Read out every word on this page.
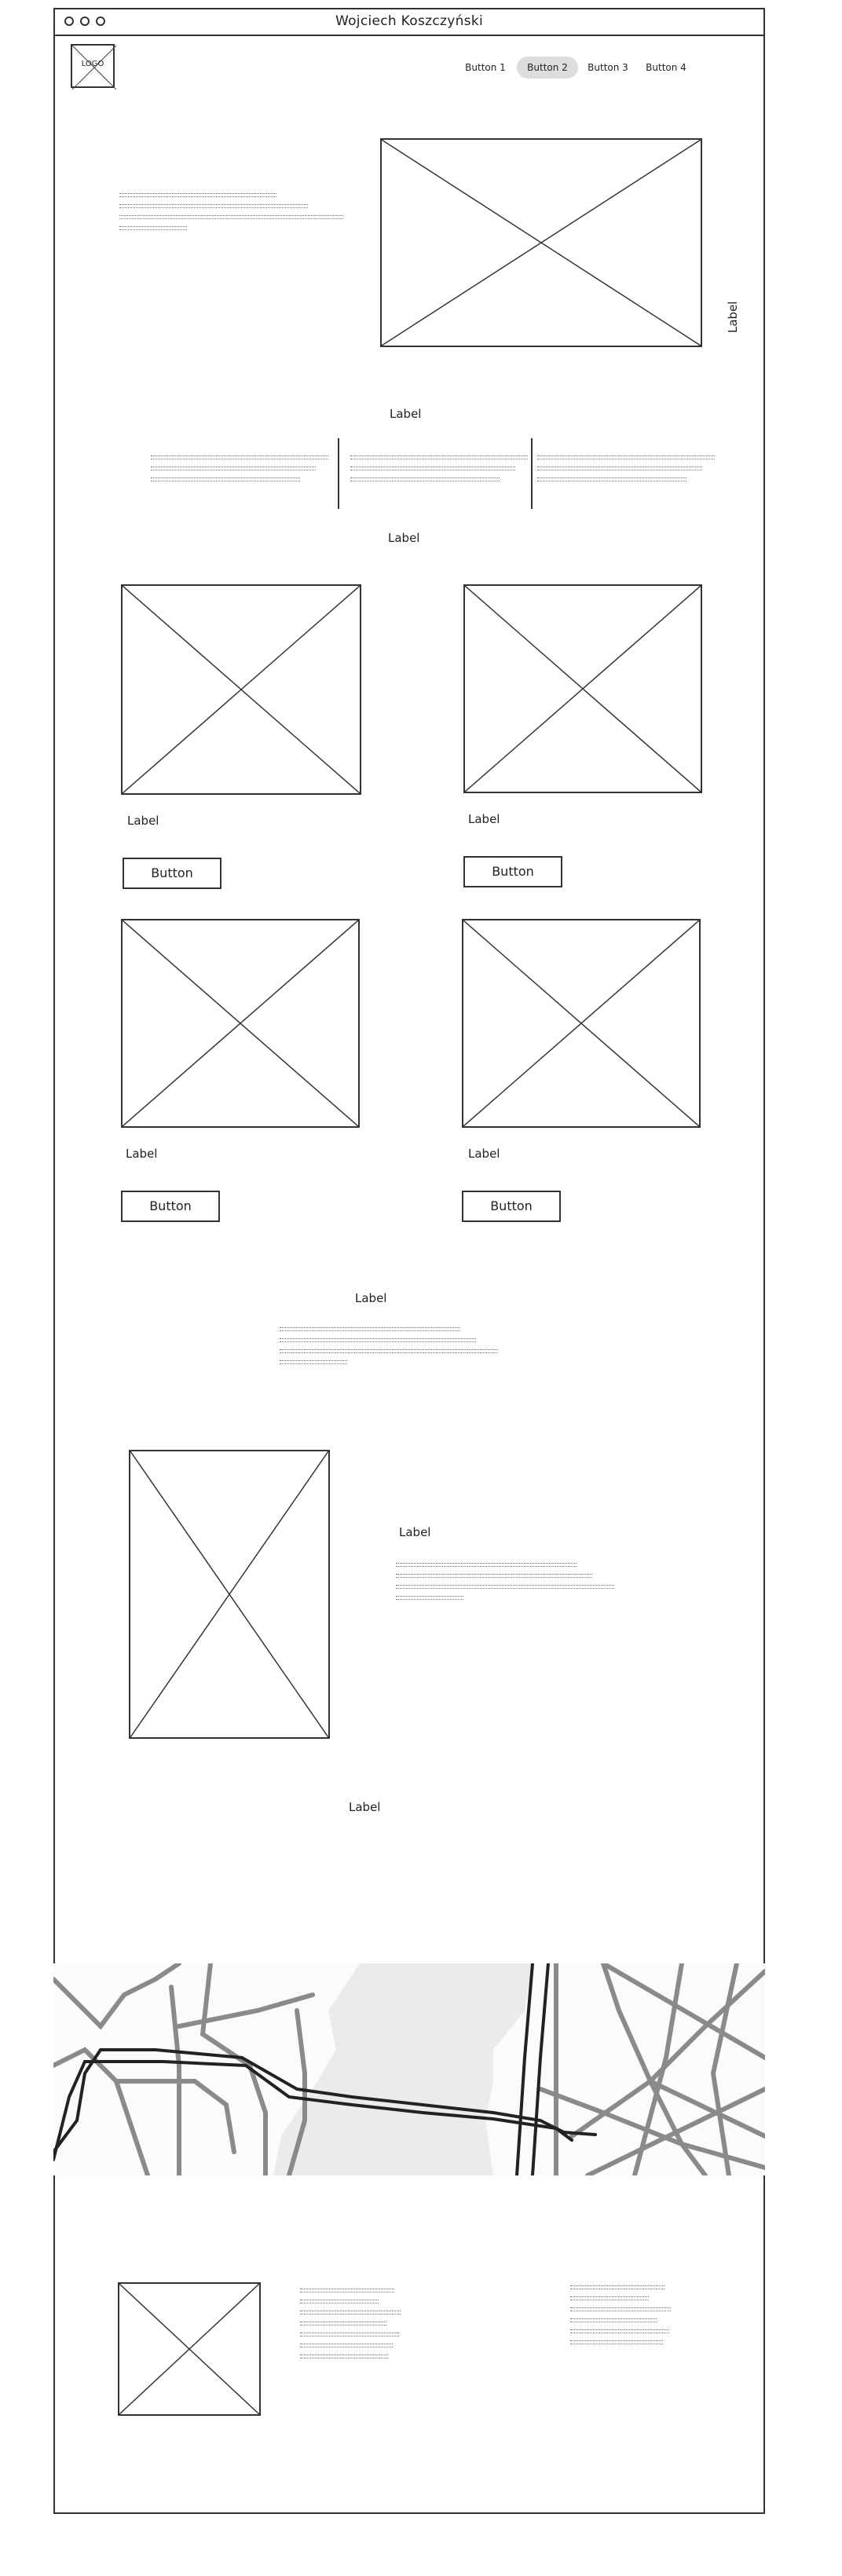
Wojciech Koszczyński
LOGO	Button 1	Button 2	Button 3	Button 4
Label
Label
Label
Label
Button
Label
Button
Label
Button
Label
Button
Label
Label
Label
